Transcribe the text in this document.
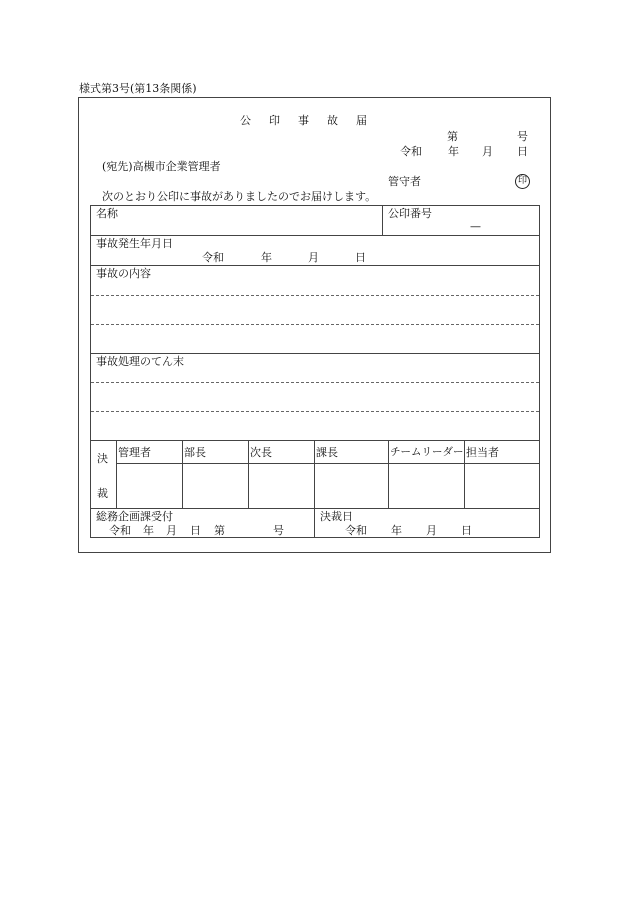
様式第3号(第13条関係)
公印事故届
第	号
令和 年 月 日
(宛先)高槻市企業管理者
管守者	印
次のとおり公印に事故がありましたのでお届けします。
名称	公印番号
—
事故発生年月日
令和	年	月	日
事故の内容
事故処理のてん末
決
裁
管理者	部長	次長	課長	チームリーダー 担当者
総務企画課受付
令和 年 月 日 第	号
決裁日
令和 年 月 日
